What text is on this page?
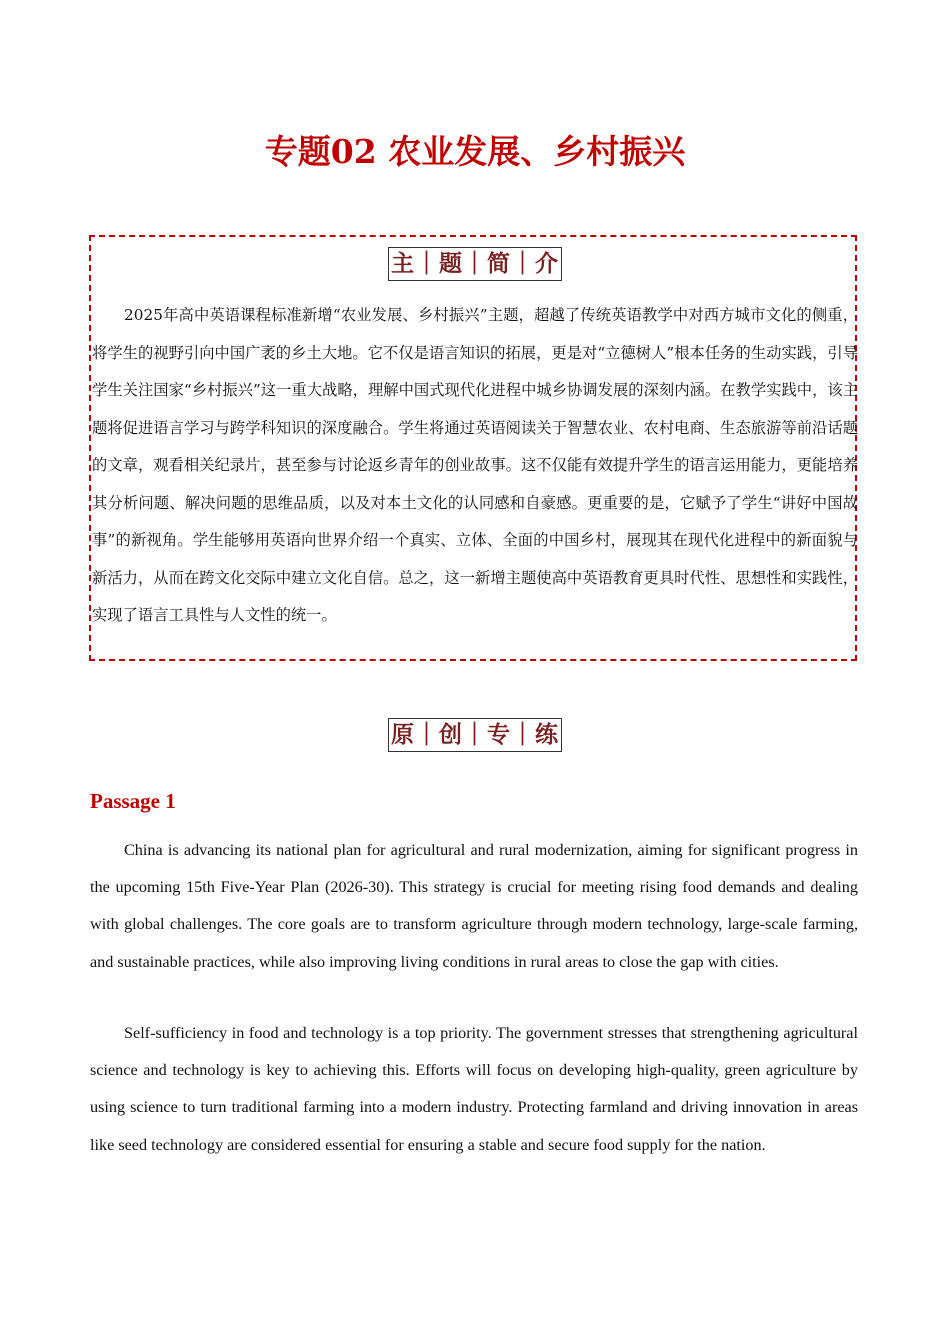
专题02 农业发展、乡村振兴
主｜题｜简｜介

2025年高中英语课程标准新增“农业发展、乡村振兴”主题，超越了传统英语教学中对西方城市文化的侧重，将学生的视野引向中国广袤的乡土大地。它不仅是语言知识的拓展，更是对“立德树人”根本任务的生动实践，引导学生关注国家“乡村振兴”这一重大战略，理解中国式现代化进程中城乡协调发展的深刻内涵。在教学实践中，该主题将促进语言学习与跨学科知识的深度融合。学生将通过英语阅读关于智慧农业、农村电商、生态旅游等前沿话题的文章，观看相关纪录片，甚至参与讨论返乡青年的创业故事。这不仅能有效提升学生的语言运用能力，更能培养其分析问题、解决问题的思维品质，以及对本土文化的认同感和自豪感。更重要的是，它赋予了学生“讲好中国故事”的新视角。学生能够用英语向世界介绍一个真实、立体、全面的中国乡村，展现其在现代化进程中的新面貌与新活力，从而在跨文化交际中建立文化自信。总之，这一新增主题使高中英语教育更具时代性、思想性和实践性，实现了语言工具性与人文性的统一。

原｜创｜专｜练
Passage 1

China is advancing its national plan for agricultural and rural modernization, aiming for significant progress in the upcoming 15th Five-Year Plan (2026-30). This strategy is crucial for meeting rising food demands and dealing with global challenges. The core goals are to transform agriculture through modern technology, large-scale farming, and sustainable practices, while also improving living conditions in rural areas to close the gap with cities.

Self-sufficiency in food and technology is a top priority. The government stresses that strengthening agricultural science and technology is key to achieving this. Efforts will focus on developing high-quality, green agriculture by using science to turn traditional farming into a modern industry. Protecting farmland and driving innovation in areas like seed technology are considered essential for ensuring a stable and secure food supply for the nation.
